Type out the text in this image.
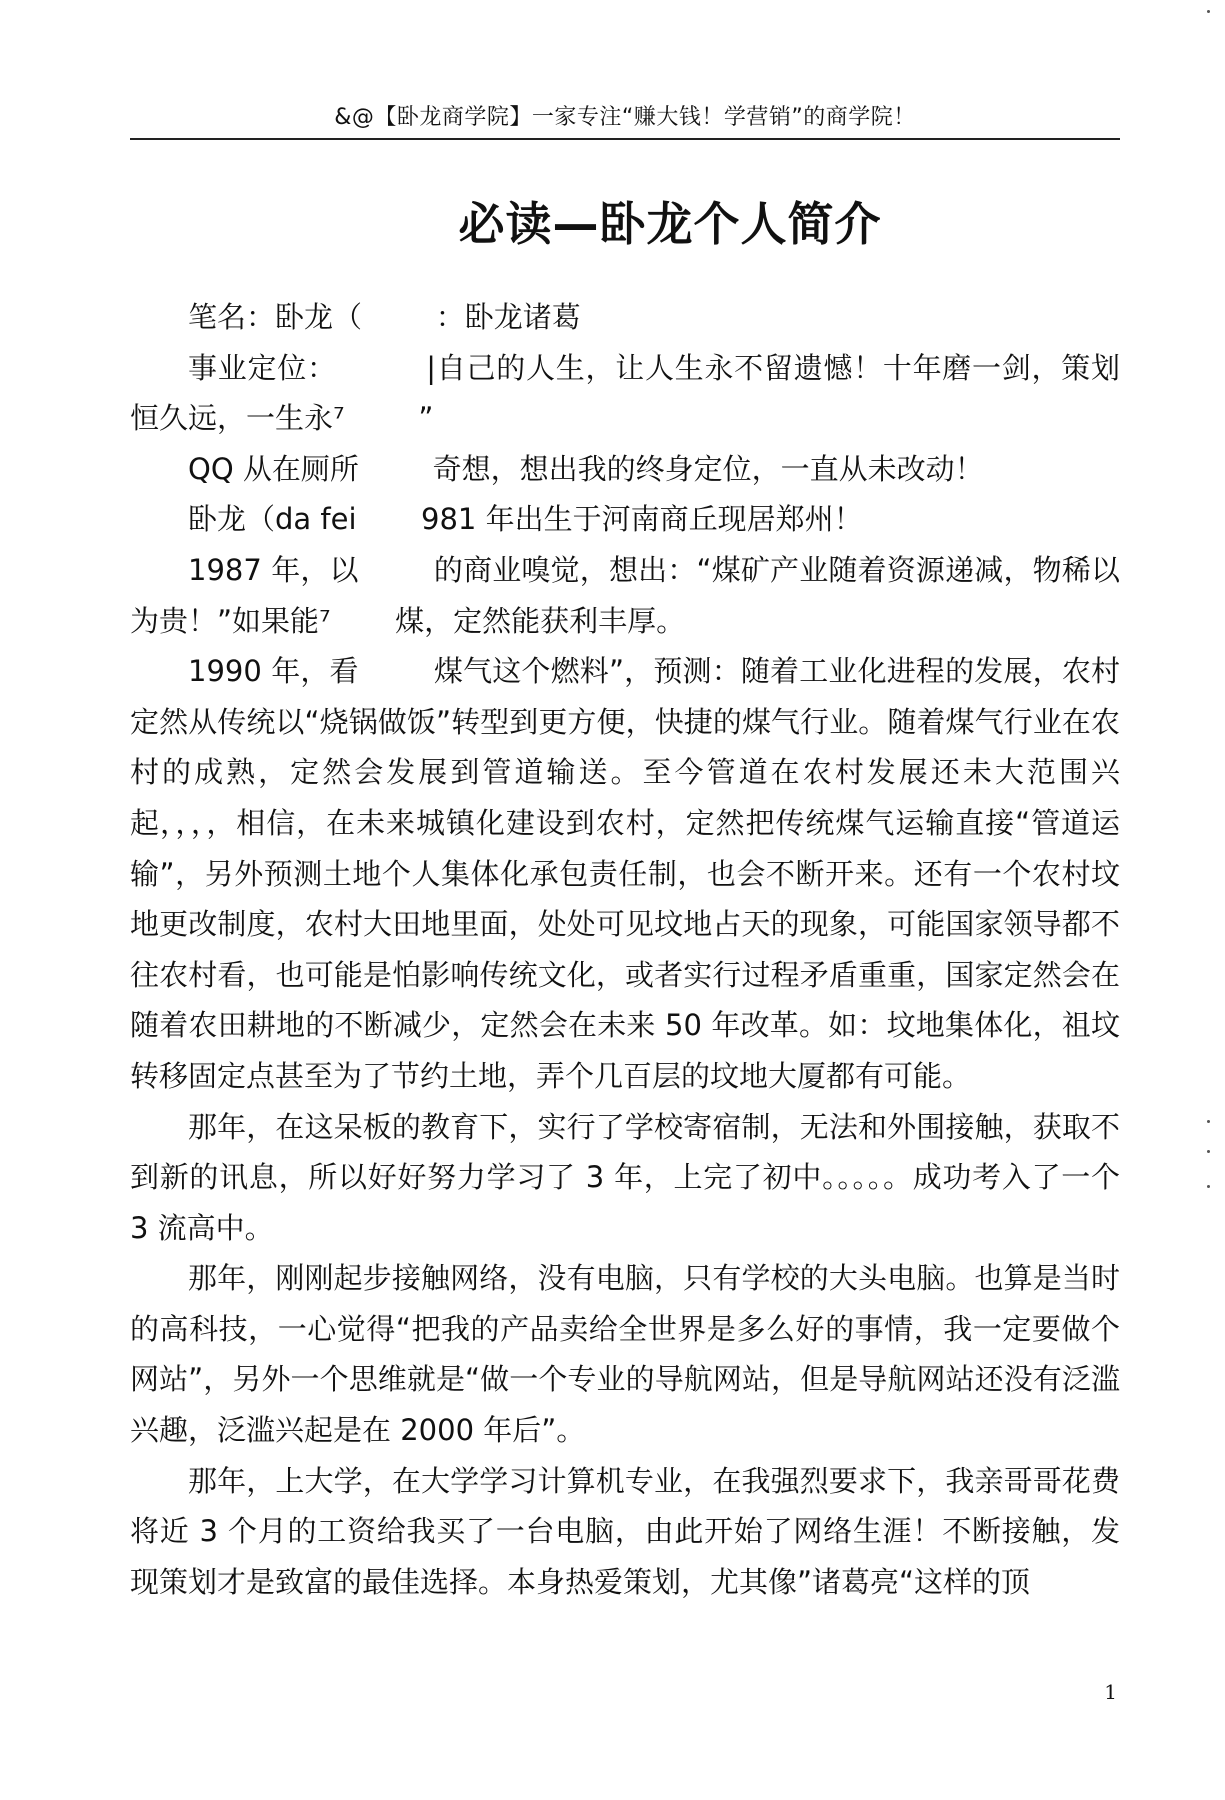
&@【卧龙商学院】一家专注“赚大钱！学营销”的商学院！
必读—卧龙个人简介

笔名：卧龙（        ：卧龙诸葛

事业定位：         |自己的人生，让人生永不留遗憾！十年磨一剑，策划恒久远，一生永⁷        ”

QQ 从在厕所        奇想，想出我的终身定位，一直从未改动！

卧龙（da fei       981 年出生于河南商丘现居郑州！

1987 年，以        的商业嗅觉，想出：“煤矿产业随着资源递减，物稀以为贵！”如果能⁷       煤，定然能获利丰厚。

1990 年，看        煤气这个燃料”，预测：随着工业化进程的发展，农村定然从传统以“烧锅做饭”转型到更方便，快捷的煤气行业。随着煤气行业在农村的成熟，定然会发展到管道输送。至今管道在农村发展还未大范围兴起，，，，相信，在未来城镇化建设到农村，定然把传统煤气运输直接“管道运输”，另外预测土地个人集体化承包责任制，也会不断开来。还有一个农村坟地更改制度，农村大田地里面，处处可见坟地占天的现象，可能国家领导都不往农村看，也可能是怕影响传统文化，或者实行过程矛盾重重，国家定然会在随着农田耕地的不断减少，定然会在未来 50 年改革。如：坟地集体化，祖坟转移固定点甚至为了节约土地，弄个几百层的坟地大厦都有可能。

那年，在这呆板的教育下，实行了学校寄宿制，无法和外围接触，获取不到新的讯息，所以好好努力学习了 3 年，上完了初中。。。。。成功考入了一个 3 流高中。

那年，刚刚起步接触网络，没有电脑，只有学校的大头电脑。也算是当时的高科技，一心觉得“把我的产品卖给全世界是多么好的事情，我一定要做个网站”，另外一个思维就是“做一个专业的导航网站，但是导航网站还没有泛滥兴趣，泛滥兴起是在 2000 年后”。

那年，上大学，在大学学习计算机专业，在我强烈要求下，我亲哥哥花费将近 3 个月的工资给我买了一台电脑，由此开始了网络生涯！不断接触，发现策划才是致富的最佳选择。本身热爱策划，尤其像”诸葛亮“这样的顶

1
